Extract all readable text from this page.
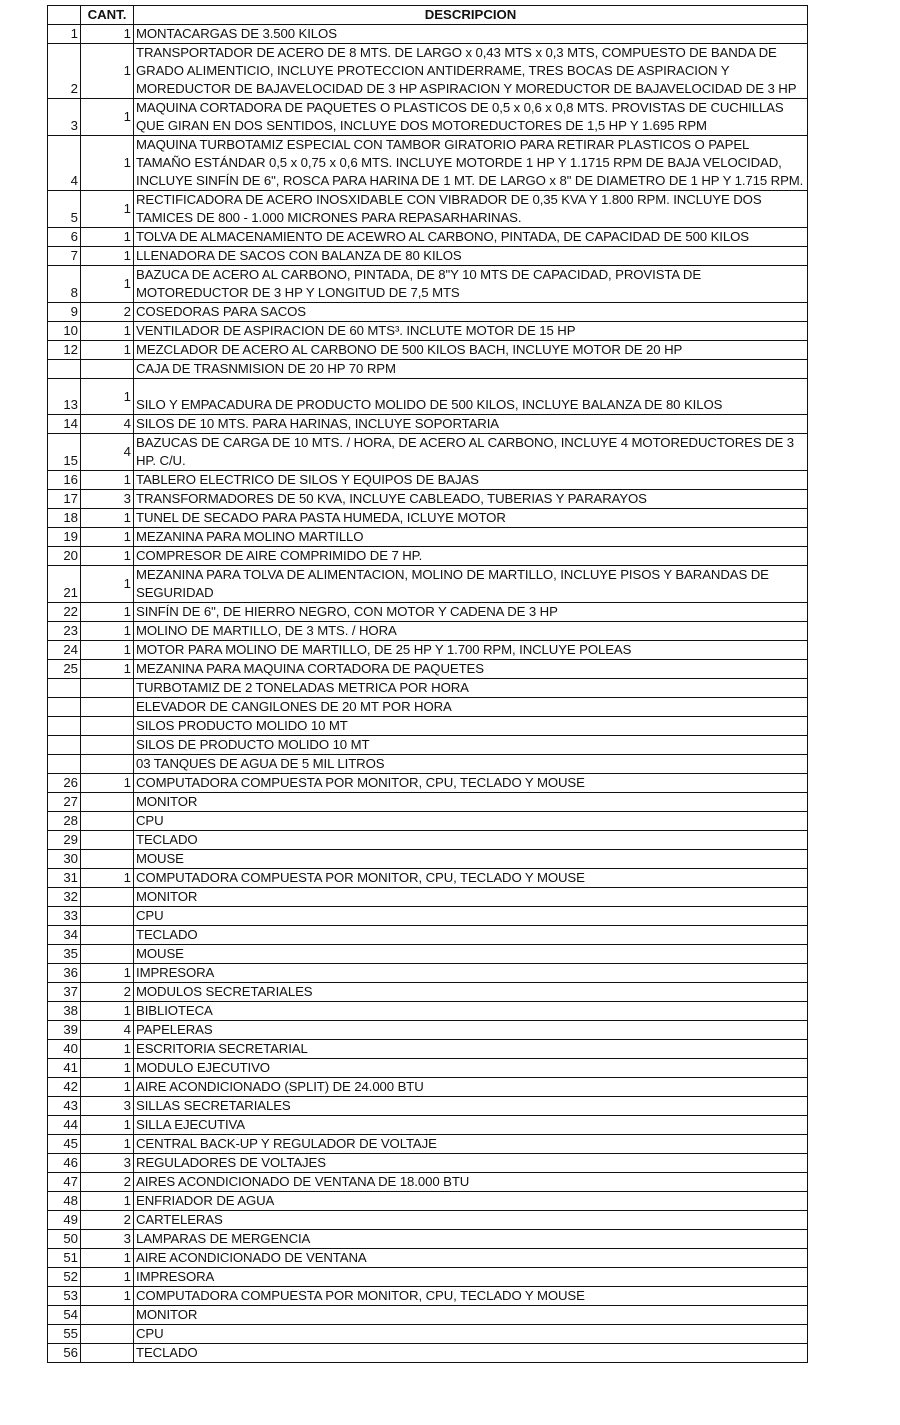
	CANT.	DESCRIPCION
1	1	MONTACARGAS DE 3.500 KILOS
2	1	TRANSPORTADOR DE ACERO DE 8 MTS. DE LARGO x 0,43 MTS x 0,3 MTS, COMPUESTO DE BANDA DE GRADO ALIMENTICIO, INCLUYE PROTECCION ANTIDERRAME, TRES BOCAS DE ASPIRACION Y MOREDUCTOR DE BAJAVELOCIDAD DE 3 HP ASPIRACION Y MOREDUCTOR DE BAJAVELOCIDAD DE 3 HP
3	1	MAQUINA CORTADORA DE PAQUETES O PLASTICOS DE 0,5 x 0,6 x 0,8 MTS. PROVISTAS DE CUCHILLAS QUE GIRAN EN DOS SENTIDOS, INCLUYE DOS MOTOREDUCTORES DE 1,5 HP Y 1.695 RPM
4	1	MAQUINA TURBOTAMIZ ESPECIAL CON TAMBOR GIRATORIO PARA RETIRAR PLASTICOS O PAPEL TAMAÑO ESTÁNDAR 0,5 x 0,75 x 0,6 MTS. INCLUYE MOTORDE 1 HP Y 1.1715 RPM DE BAJA VELOCIDAD, INCLUYE SINFÍN DE 6", ROSCA PARA HARINA DE 1 MT. DE LARGO x 8" DE DIAMETRO DE 1 HP Y 1.715 RPM.
5	1	RECTIFICADORA DE ACERO INOSXIDABLE CON VIBRADOR DE 0,35 KVA Y 1.800 RPM. INCLUYE DOS TAMICES DE 800 - 1.000 MICRONES PARA REPASARHARINAS.
6	1	TOLVA DE ALMACENAMIENTO DE ACEWRO AL CARBONO, PINTADA, DE CAPACIDAD DE 500 KILOS
7	1	LLENADORA DE SACOS CON BALANZA DE 80 KILOS
8	1	BAZUCA DE ACERO AL CARBONO, PINTADA, DE 8"Y 10 MTS DE CAPACIDAD, PROVISTA DE MOTOREDUCTOR DE 3 HP Y LONGITUD DE 7,5 MTS
9	2	COSEDORAS PARA SACOS
10	1	VENTILADOR DE ASPIRACION DE 60 MTS³. INCLUTE MOTOR DE 15 HP
12	1	MEZCLADOR DE ACERO AL CARBONO DE 500 KILOS BACH, INCLUYE MOTOR DE 20 HP
		CAJA DE TRASNMISION DE 20 HP 70 RPM
13	1	SILO Y EMPACADURA DE PRODUCTO MOLIDO DE 500 KILOS, INCLUYE BALANZA DE 80 KILOS
14	4	SILOS DE 10 MTS. PARA HARINAS, INCLUYE SOPORTARIA
15	4	BAZUCAS DE CARGA DE 10 MTS. / HORA, DE ACERO AL CARBONO, INCLUYE 4 MOTOREDUCTORES DE 3 HP. C/U.
16	1	TABLERO ELECTRICO DE SILOS Y EQUIPOS DE BAJAS
17	3	TRANSFORMADORES DE 50 KVA, INCLUYE CABLEADO, TUBERIAS Y PARARAYOS
18	1	TUNEL DE SECADO PARA PASTA HUMEDA, ICLUYE MOTOR
19	1	MEZANINA PARA MOLINO MARTILLO
20	1	COMPRESOR DE AIRE COMPRIMIDO DE 7 HP.
21	1	MEZANINA PARA TOLVA DE ALIMENTACION, MOLINO DE MARTILLO, INCLUYE PISOS Y BARANDAS DE SEGURIDAD
22	1	SINFÍN DE 6", DE HIERRO NEGRO, CON MOTOR Y CADENA DE 3 HP
23	1	MOLINO DE MARTILLO, DE 3 MTS. / HORA
24	1	MOTOR PARA MOLINO DE MARTILLO, DE 25 HP Y 1.700 RPM, INCLUYE POLEAS
25	1	MEZANINA PARA MAQUINA CORTADORA DE PAQUETES
		TURBOTAMIZ DE 2 TONELADAS METRICA POR HORA
		ELEVADOR DE CANGILONES DE 20 MT POR HORA
		SILOS PRODUCTO MOLIDO 10 MT
		SILOS DE PRODUCTO MOLIDO 10 MT
		03 TANQUES DE AGUA DE 5 MIL LITROS
26	1	COMPUTADORA COMPUESTA POR MONITOR, CPU, TECLADO Y MOUSE
27		MONITOR
28		CPU
29		TECLADO
30		MOUSE
31	1	COMPUTADORA COMPUESTA POR MONITOR, CPU, TECLADO Y MOUSE
32		MONITOR
33		CPU
34		TECLADO
35		MOUSE
36	1	IMPRESORA
37	2	MODULOS SECRETARIALES
38	1	BIBLIOTECA
39	4	PAPELERAS
40	1	ESCRITORIA SECRETARIAL
41	1	MODULO EJECUTIVO
42	1	AIRE ACONDICIONADO (SPLIT) DE 24.000 BTU
43	3	SILLAS SECRETARIALES
44	1	SILLA EJECUTIVA
45	1	CENTRAL BACK-UP Y REGULADOR DE VOLTAJE
46	3	REGULADORES DE VOLTAJES
47	2	AIRES ACONDICIONADO DE VENTANA DE 18.000 BTU
48	1	ENFRIADOR DE AGUA
49	2	CARTELERAS
50	3	LAMPARAS DE MERGENCIA
51	1	AIRE ACONDICIONADO DE VENTANA
52	1	IMPRESORA
53	1	COMPUTADORA COMPUESTA POR MONITOR, CPU, TECLADO Y MOUSE
54		MONITOR
55		CPU
56		TECLADO
